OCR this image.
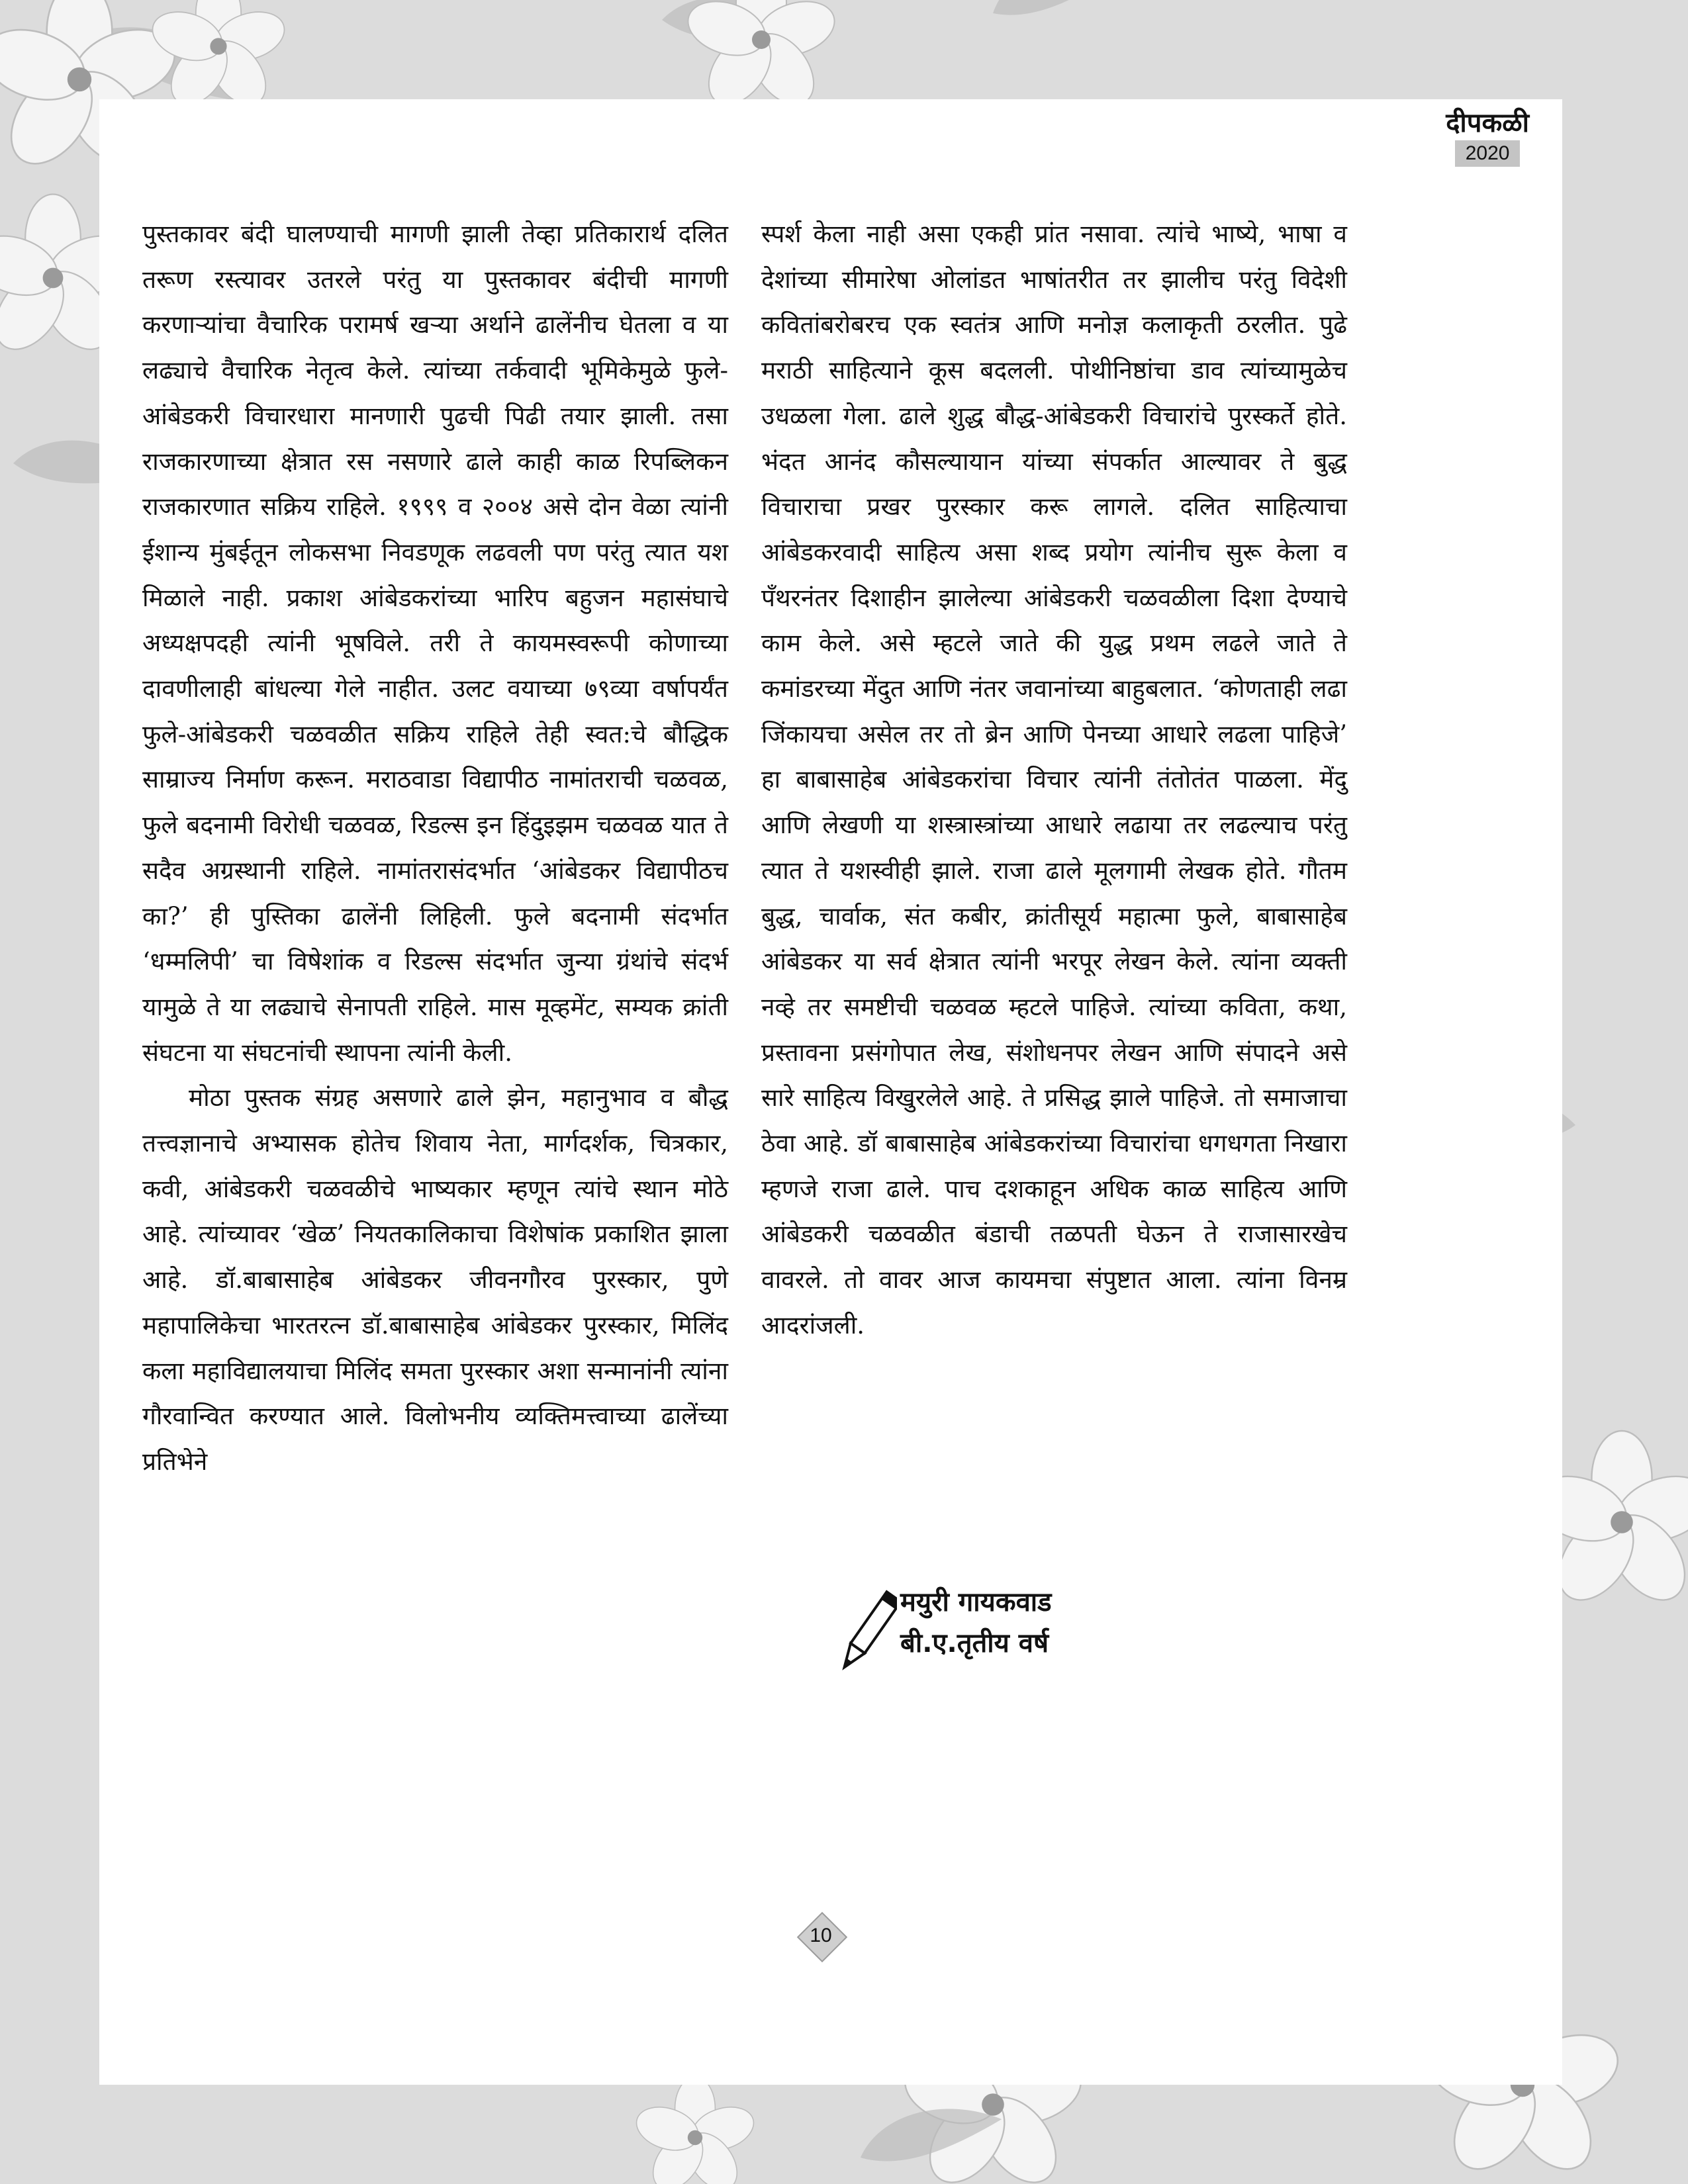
दीपकळी
2020

पुस्तकावर बंदी घालण्याची मागणी झाली तेव्हा प्रतिकारार्थ दलित तरूण रस्त्यावर उतरले परंतु या पुस्तकावर बंदीची मागणी करणाऱ्यांचा वैचारिक परामर्ष खऱ्या अर्थाने ढालेंनीच घेतला व या लढ्याचे वैचारिक नेतृत्व केले. त्यांच्या तर्कवादी भूमिकेमुळे फुले-आंबेडकरी विचारधारा मानणारी पुढची पिढी तयार झाली. तसा राजकारणाच्या क्षेत्रात रस नसणारे ढाले काही काळ रिपब्लिकन राजकारणात सक्रिय राहिले. १९९९ व २००४ असे दोन वेळा त्यांनी ईशान्य मुंबईतून लोकसभा निवडणूक लढवली पण परंतु त्यात यश मिळाले नाही. प्रकाश आंबेडकरांच्या भारिप बहुजन महासंघाचे अध्यक्षपदही त्यांनी भूषविले. तरी ते कायमस्वरूपी कोणाच्या दावणीलाही बांधल्या गेले नाहीत. उलट वयाच्या ७९व्या वर्षापर्यंत फुले-आंबेडकरी चळवळीत सक्रिय राहिले तेही स्वत:चे बौद्धिक साम्राज्य निर्माण करून. मराठवाडा विद्यापीठ नामांतराची चळवळ, फुले बदनामी विरोधी चळवळ, रिडल्स इन हिंदुइझम चळवळ यात ते सदैव अग्रस्थानी राहिले. नामांतरासंदर्भात ‘आंबेडकर विद्यापीठच का?’ ही पुस्तिका ढालेंनी लिहिली. फुले बदनामी संदर्भात ‘धम्मलिपी’ चा विषेशांक व रिडल्स संदर्भात जुन्या ग्रंथांचे संदर्भ यामुळे ते या लढ्याचे सेनापती राहिले. मास मूव्हमेंट, सम्यक क्रांती संघटना या संघटनांची स्थापना त्यांनी केली.

मोठा पुस्तक संग्रह असणारे ढाले झेन, महानुभाव व बौद्ध तत्त्वज्ञानाचे अभ्यासक होतेच शिवाय नेता, मार्गदर्शक, चित्रकार, कवी, आंबेडकरी चळवळीचे भाष्यकार म्हणून त्यांचे स्थान मोठे आहे. त्यांच्यावर ‘खेळ’ नियतकालिकाचा विशेषांक प्रकाशित झाला आहे. डॉ.बाबासाहेब आंबेडकर जीवनगौरव पुरस्कार, पुणे महापालिकेचा भारतरत्न डॉ.बाबासाहेब आंबेडकर पुरस्कार, मिलिंद कला महाविद्यालयाचा मिलिंद समता पुरस्कार अशा सन्मानांनी त्यांना गौरवान्वित करण्यात आले. विलोभनीय व्यक्तिमत्त्वाच्या ढालेंच्या प्रतिभेने

स्पर्श केला नाही असा एकही प्रांत नसावा. त्यांचे भाष्ये, भाषा व देशांच्या सीमारेषा ओलांडत भाषांतरीत तर झालीच परंतु विदेशी कवितांबरोबरच एक स्वतंत्र आणि मनोज्ञ कलाकृती ठरलीत. पुढे मराठी साहित्याने कूस बदलली. पोथीनिष्ठांचा डाव त्यांच्यामुळेच उधळला गेला. ढाले शुद्ध बौद्ध-आंबेडकरी विचारांचे पुरस्कर्ते होते. भंदत आनंद कौसल्यायान यांच्या संपर्कात आल्यावर ते बुद्ध विचाराचा प्रखर पुरस्कार करू लागले. दलित साहित्याचा आंबेडकरवादी साहित्य असा शब्द प्रयोग त्यांनीच सुरू केला व पँथरनंतर दिशाहीन झालेल्या आंबेडकरी चळवळीला दिशा देण्याचे काम केले. असे म्हटले जाते की युद्ध प्रथम लढले जाते ते कमांडरच्या मेंदुत आणि नंतर जवानांच्या बाहुबलात. ‘कोणताही लढा जिंकायचा असेल तर तो ब्रेन आणि पेनच्या आधारे लढला पाहिजे’ हा बाबासाहेब आंबेडकरांचा विचार त्यांनी तंतोतंत पाळला. मेंदु आणि लेखणी या शस्त्रास्त्रांच्या आधारे लढाया तर लढल्याच परंतु त्यात ते यशस्वीही झाले. राजा ढाले मूलगामी लेखक होते. गौतम बुद्ध, चार्वाक, संत कबीर, क्रांतीसूर्य महात्मा फुले, बाबासाहेब आंबेडकर या सर्व क्षेत्रात त्यांनी भरपूर लेखन केले. त्यांना व्यक्ती नव्हे तर समष्टीची चळवळ म्हटले पाहिजे. त्यांच्या कविता, कथा, प्रस्तावना प्रसंगोपात लेख, संशोधनपर लेखन आणि संपादने असे सारे साहित्य विखुरलेले आहे. ते प्रसिद्ध झाले पाहिजे. तो समाजाचा ठेवा आहे. डॉ बाबासाहेब आंबेडकरांच्या विचारांचा धगधगता निखारा म्हणजे राजा ढाले. पाच दशकाहून अधिक काळ साहित्य आणि आंबेडकरी चळवळीत बंडाची तळपती घेऊन ते राजासारखेच वावरले. तो वावर आज कायमचा संपुष्टात आला. त्यांना विनम्र आदरांजली.

मयुरी गायकवाड
बी.ए.तृतीय वर्ष
10
